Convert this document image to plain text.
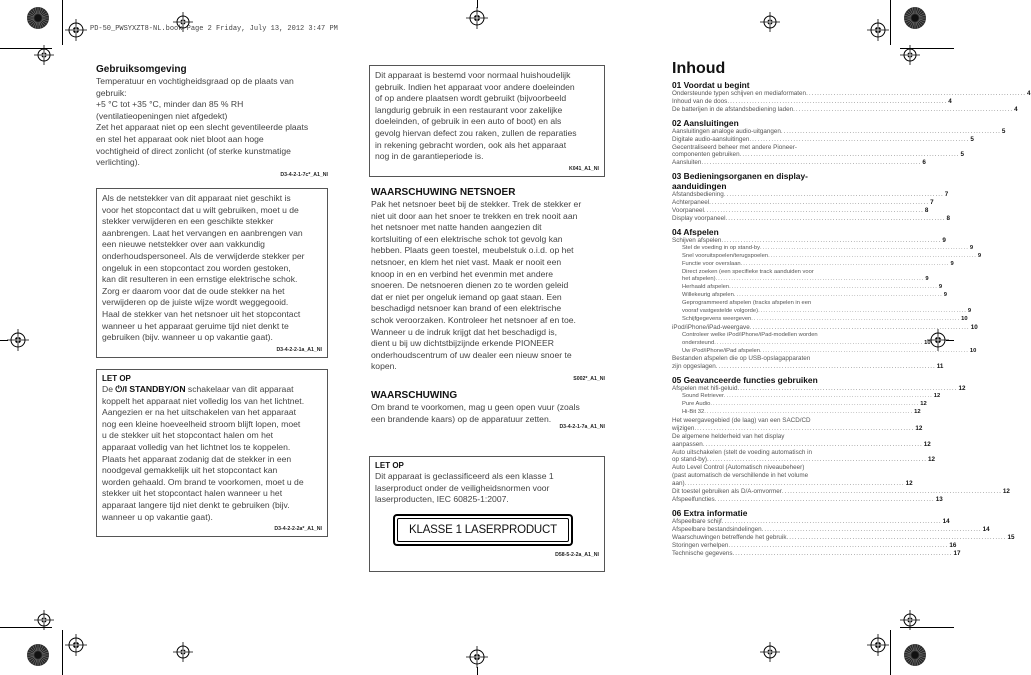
PD-50_PWSYXZT8-NL.book Page 2 Friday, July 13, 2012 3:47 PM
Gebruiksomgeving
Temperatuur en vochtigheidsgraad op de plaats van
gebruik:
+5 °C tot +35 °C, minder dan 85 % RH
(ventilatieopeningen niet afgedekt)
Zet het apparaat niet op een slecht geventileerde plaats
en stel het apparaat ook niet bloot aan hoge
vochtigheid of direct zonlicht (of sterke kunstmatige
verlichting).
D3-4-2-1-7c*_A1_Nl
Als de netstekker van dit apparaat niet geschikt is
voor het stopcontact dat u wilt gebruiken, moet u de
stekker verwijderen en een geschikte stekker
aanbrengen. Laat het vervangen en aanbrengen van
een nieuwe netstekker over aan vakkundig
onderhoudspersoneel. Als de verwijderde stekker per
ongeluk in een stopcontact zou worden gestoken,
kan dit resulteren in een ernstige elektrische schok.
Zorg er daarom voor dat de oude stekker na het
verwijderen op de juiste wijze wordt weggegooid.
Haal de stekker van het netsnoer uit het stopcontact
wanneer u het apparaat geruime tijd niet denkt te
gebruiken (bijv. wanneer u op vakantie gaat).
D3-4-2-2-1a_A1_Nl
LET OP
De ⏻/I STANDBY/ON schakelaar van dit apparaat
koppelt het apparaat niet volledig los van het lichtnet.
Aangezien er na het uitschakelen van het apparaat
nog een kleine hoeveelheid stroom blijft lopen, moet
u de stekker uit het stopcontact halen om het
apparaat volledig van het lichtnet los te koppelen.
Plaats het apparaat zodanig dat de stekker in een
noodgeval gemakkelijk uit het stopcontact kan
worden gehaald. Om brand te voorkomen, moet u de
stekker uit het stopcontact halen wanneer u het
apparaat langere tijd niet denkt te gebruiken (bijv.
wanneer u op vakantie gaat).
D3-4-2-2-2a*_A1_Nl
Dit apparaat is bestemd voor normaal huishoudelijk
gebruik. Indien het apparaat voor andere doeleinden
of op andere plaatsen wordt gebruikt (bijvoorbeeld
langdurig gebruik in een restaurant voor zakelijke
doeleinden, of gebruik in een auto of boot) en als
gevolg hiervan defect zou raken, zullen de reparaties
in rekening gebracht worden, ook als het apparaat
nog in de garantieperiode is.
K041_A1_Nl
WAARSCHUWING NETSNOER
Pak het netsnoer beet bij de stekker. Trek de stekker er
niet uit door aan het snoer te trekken en trek nooit aan
het netsnoer met natte handen aangezien dit
kortsluiting of een elektrische schok tot gevolg kan
hebben. Plaats geen toestel, meubelstuk o.i.d. op het
netsnoer, en klem het niet vast. Maak er nooit een
knoop in en en verbind het evenmin met andere
snoeren. De netsnoeren dienen zo te worden geleid
dat er niet per ongeluk iemand op gaat staan. Een
beschadigd netsnoer kan brand of een elektrische
schok veroorzaken. Kontroleer het netsnoer af en toe.
Wanneer u de indruk krijgt dat het beschadigd is,
dient u bij uw dichtstbijzijnde erkende PIONEER
onderhoudscentrum of uw dealer een nieuw snoer te
kopen.
S002*_A1_Nl
WAARSCHUWING
Om brand te voorkomen, mag u geen open vuur (zoals
een brandende kaars) op de apparatuur zetten.
D3-4-2-1-7a_A1_Nl
LET OP
Dit apparaat is geclassificeerd als een klasse 1
laserproduct onder de veiligheidsnormen voor
laserproducten, IEC 60825-1:2007.
KLASSE 1 LASERPRODUCT
D58-5-2-2a_A1_Nl
Inhoud
01 Voordat u begint
Ondersteunde typen schijven en mediaformaten ................................................................................ 4
Inhoud van de doos ................................................................................ 4
De batterijen in de afstandsbediening laden ................................................................................ 4
02 Aansluitingen
Aansluitingen analoge audio-uitgangen ................................................................................ 5
Digitale audio-aansluitingen ................................................................................ 5
Gecentraliseerd beheer met andere Pioneer-
componenten gebruiken ................................................................................ 5
Aansluiten ................................................................................ 6
03 Bedieningsorganen en display-
aanduidingen
Afstandsbediening ................................................................................ 7
Achterpaneel ................................................................................ 7
Voorpaneel ................................................................................ 8
Display voorpaneel ................................................................................ 8
04 Afspelen
Schijven afspelen ................................................................................ 9
Stel de voeding in op stand-by ................................................................................ 9
Snel vooruitspoelen/terugspoelen ................................................................................ 9
Functie voor overslaan ................................................................................ 9
Direct zoeken (een specifieke track aanduiden voor
het afspelen) ................................................................................ 9
Herhaald afspelen ................................................................................ 9
Willekeurig afspelen ................................................................................ 9
Geprogrammeerd afspelen (tracks afspelen in een
vooraf vastgestelde volgorde) ................................................................................ 9
Schijfgegevens weergeven ................................................................................ 10
iPod/iPhone/iPad-weergave ................................................................................ 10
Controleer welke iPod/iPhone/iPad-modellen worden
ondersteund ................................................................................ 10
Uw iPod/iPhone/iPad afspelen ................................................................................ 10
Bestanden afspelen die op USB-opslagapparaten
zijn opgeslagen ................................................................................ 11
05 Geavanceerde functies gebruiken
Afspelen met hifi-geluid ................................................................................ 12
Sound Retriever ................................................................................ 12
Pure Audio ................................................................................ 12
Hi-Bit 32 ................................................................................ 12
Het weergavegebied (de laag) van een SACD/CD
wijzigen ................................................................................ 12
De algemene helderheid van het display
aanpassen ................................................................................ 12
Auto uitschakelen (stelt de voeding automatisch in
op stand-by) ................................................................................ 12
Auto Level Control (Automatisch niveaubeheer)
(past automatisch de verschillende in het volume
aan) ................................................................................ 12
Dit toestel gebruiken als D/A-omvormer ................................................................................ 12
Afspeelfuncties ................................................................................ 13
06 Extra informatie
Afspeelbare schijf ................................................................................ 14
Afspeelbare bestandsindelingen ................................................................................ 14
Waarschuwingen betreffende het gebruik ................................................................................ 15
Storingen verhelpen ................................................................................ 16
Technische gegevens ................................................................................ 17
